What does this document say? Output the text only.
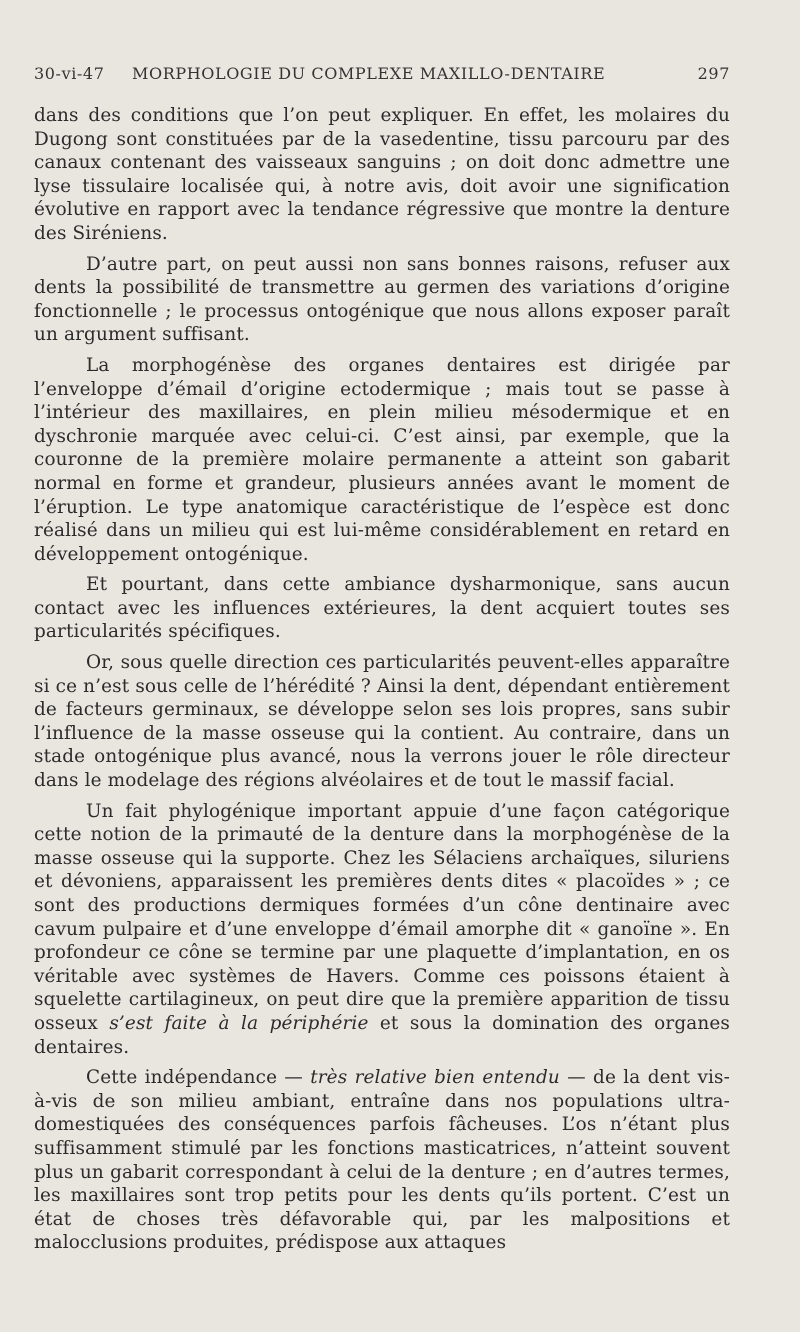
30-vi-47 MORPHOLOGIE DU COMPLEXE MAXILLO-DENTAIRE	297

dans des conditions que l’on peut expliquer. En effet, les molaires du Dugong sont constituées par de la vasedentine, tissu parcouru par des canaux contenant des vaisseaux sanguins ; on doit donc admettre une lyse tissulaire localisée qui, à notre avis, doit avoir une signification évolutive en rapport avec la tendance régressive que montre la denture des Siréniens.

D’autre part, on peut aussi non sans bonnes raisons, refuser aux dents la possibilité de transmettre au germen des variations d’origine fonctionnelle ; le processus ontogénique que nous allons exposer paraît un argument suffisant.

La morphogénèse des organes dentaires est dirigée par l’enveloppe d’émail d’origine ectodermique ; mais tout se passe à l’intérieur des maxillaires, en plein milieu mésodermique et en dyschronie marquée avec celui-ci. C’est ainsi, par exemple, que la couronne de la première molaire permanente a atteint son gabarit normal en forme et grandeur, plusieurs années avant le moment de l’éruption. Le type anatomique caractéristique de l’espèce est donc réalisé dans un milieu qui est lui-même considérablement en retard en développement ontogénique.

Et pourtant, dans cette ambiance dysharmonique, sans aucun contact avec les influences extérieures, la dent acquiert toutes ses particularités spécifiques.

Or, sous quelle direction ces particularités peuvent-elles apparaître si ce n’est sous celle de l’hérédité ? Ainsi la dent, dépendant entièrement de facteurs germinaux, se développe selon ses lois propres, sans subir l’influence de la masse osseuse qui la contient. Au contraire, dans un stade ontogénique plus avancé, nous la verrons jouer le rôle directeur dans le modelage des régions alvéolaires et de tout le massif facial.

Un fait phylogénique important appuie d’une façon catégorique cette notion de la primauté de la denture dans la morphogénèse de la masse osseuse qui la supporte. Chez les Sélaciens archaïques, siluriens et dévoniens, apparaissent les premières dents dites « placoïdes » ; ce sont des productions dermiques formées d’un cône dentinaire avec cavum pulpaire et d’une enveloppe d’émail amorphe dit « ganoïne ». En profondeur ce cône se termine par une plaquette d’implantation, en os véritable avec systèmes de Havers. Comme ces poissons étaient à squelette cartilagineux, on peut dire que la première apparition de tissu osseux s’est faite à la périphérie et sous la domination des organes dentaires.

Cette indépendance — très relative bien entendu — de la dent vis-à-vis de son milieu ambiant, entraîne dans nos populations ultra-domestiquées des conséquences parfois fâcheuses. L’os n’étant plus suffisamment stimulé par les fonctions masticatrices, n’atteint souvent plus un gabarit correspondant à celui de la denture ; en d’autres termes, les maxillaires sont trop petits pour les dents qu’ils portent. C’est un état de choses très défavorable qui, par les malpositions et malocclusions produites, prédispose aux attaques
